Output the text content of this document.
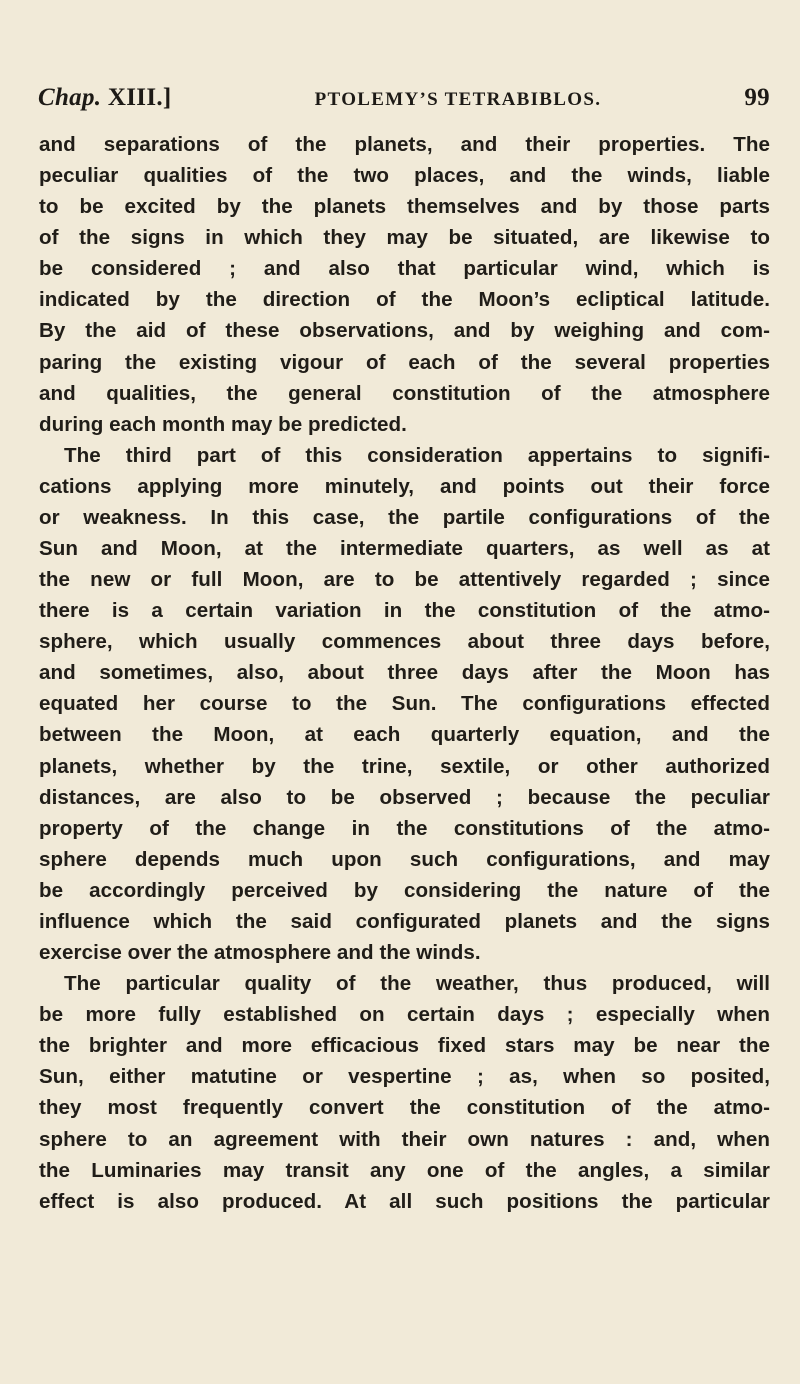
Chap. XIII.]	PTOLEMY’S TETRABIBLOS.	99
and separations of the planets, and their properties. The
peculiar qualities of the two places, and the winds, liable
to be excited by the planets themselves and by those parts
of the signs in which they may be situated, are likewise to
be considered ; and also that particular wind, which is
indicated by the direction of the Moon’s ecliptical latitude.
By the aid of these observations, and by weighing and com-
paring the existing vigour of each of the several properties
and qualities, the general constitution of the atmosphere
during each month may be predicted.
The third part of this consideration appertains to signifi-
cations applying more minutely, and points out their force
or weakness. In this case, the partile configurations of the
Sun and Moon, at the intermediate quarters, as well as at
the new or full Moon, are to be attentively regarded ; since
there is a certain variation in the constitution of the atmo-
sphere, which usually commences about three days before,
and sometimes, also, about three days after the Moon has
equated her course to the Sun. The configurations effected
between the Moon, at each quarterly equation, and the
planets, whether by the trine, sextile, or other authorized
distances, are also to be observed ; because the peculiar
property of the change in the constitutions of the atmo-
sphere depends much upon such configurations, and may
be accordingly perceived by considering the nature of the
influence which the said configurated planets and the signs
exercise over the atmosphere and the winds.
The particular quality of the weather, thus produced, will
be more fully established on certain days ; especially when
the brighter and more efficacious fixed stars may be near the
Sun, either matutine or vespertine ; as, when so posited,
they most frequently convert the constitution of the atmo-
sphere to an agreement with their own natures : and, when
the Luminaries may transit any one of the angles, a similar
effect is also produced. At all such positions the particular
